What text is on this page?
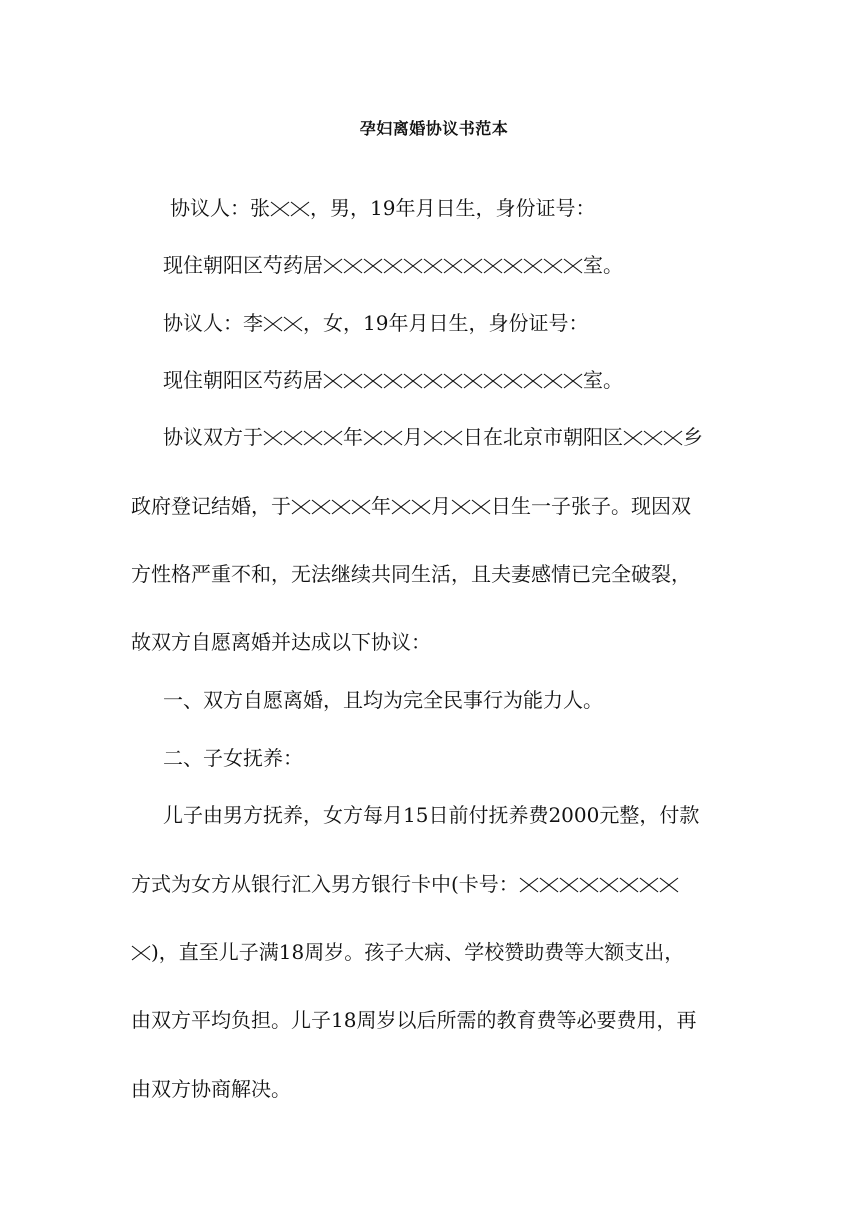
孕妇离婚协议书范本
协议人：张 ，男，19年月日生，身份证号：
现住朝阳区芍药居	室。
协议人：李 ，女，19年月日生，身份证号：
现住朝阳区芍药居	室。
协议双方于	年 月 日在北京市朝阳区	乡
政府登记结婚，于	年 月 日生一子张子。现因双
方性格严重不和，无法继续共同生活，且夫妻感情已完全破裂，
故双方自愿离婚并达成以下协议：
一、双方自愿离婚，且均为完全民事行为能力人。
二、子女抚养：
儿子由男方抚养，女方每月15日前付抚养费2000元整，付款
方式为女方从银行汇入男方银行卡中(卡号：
)，直至儿子满18周岁。孩子大病、学校赞助费等大额支出，
由双方平均负担。儿子18周岁以后所需的教育费等必要费用，再
由双方协商解决。
